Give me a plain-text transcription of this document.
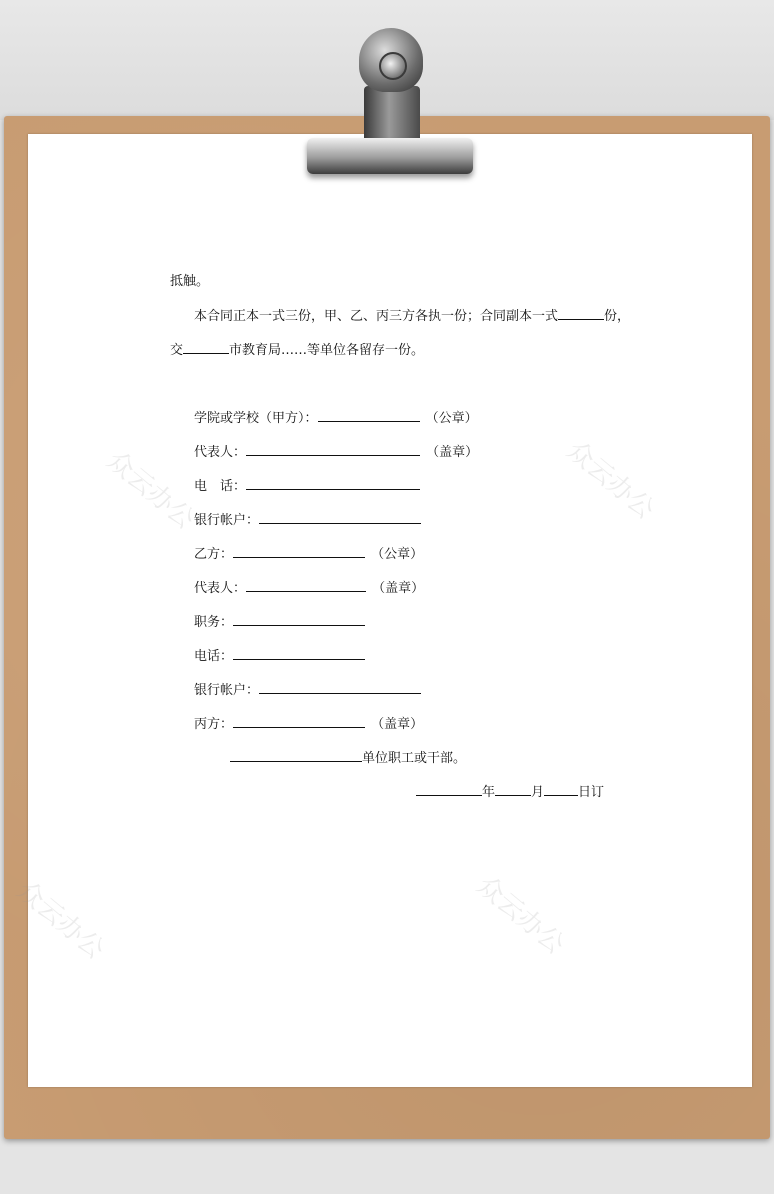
众云办公	众云办公
众云办公	众云办公
抵触。
本合同正本一式三份，甲、乙、丙三方各执一份；合同副本一式	份，
交	市教育局……等单位各留存一份。
学院或学校（甲方）：	（公章）
代表人：	（盖章）
电　话：
银行帐户：
乙方：	（公章）
代表人：	（盖章）
职务：
电话：
银行帐户：
丙方：	（盖章）
单位职工或干部。
年	月	日订
